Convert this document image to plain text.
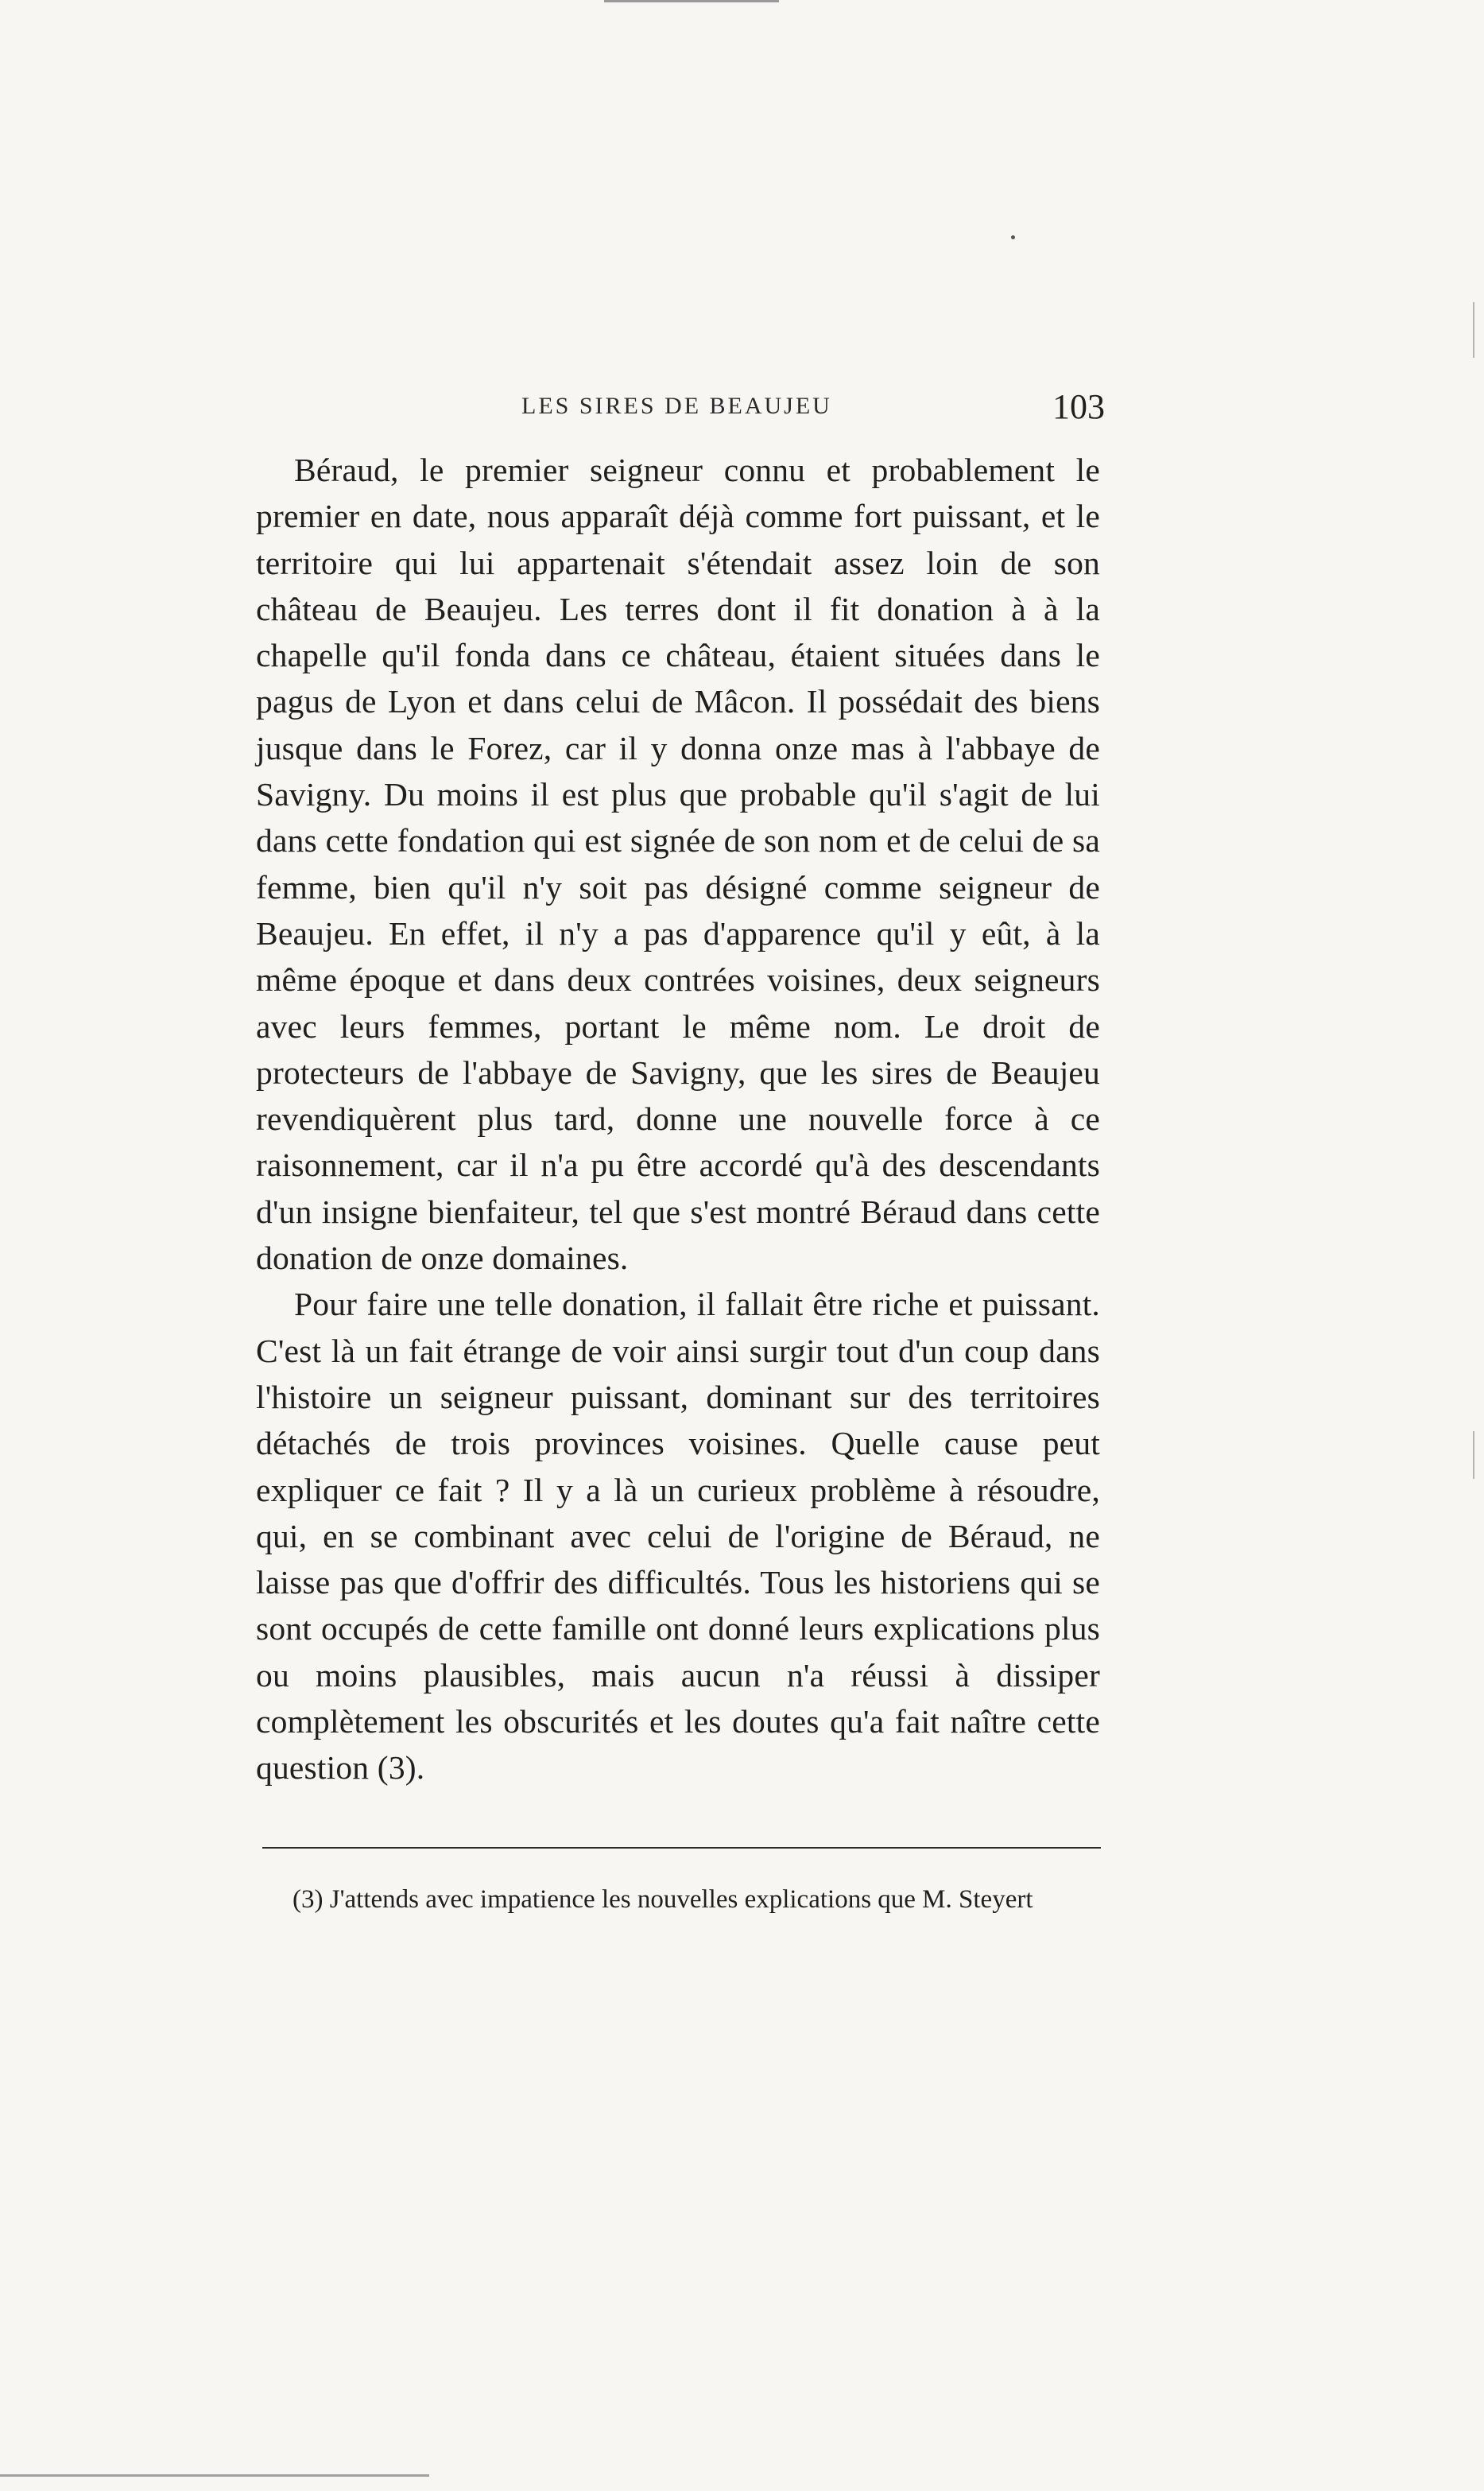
LES SIRES DE BEAUJEU	103

Béraud, le premier seigneur connu et probablement le premier en date, nous apparaît déjà comme fort puissant, et le territoire qui lui appartenait s'étendait assez loin de son château de Beaujeu. Les terres dont il fit donation à à la chapelle qu'il fonda dans ce château, étaient situées dans le pagus de Lyon et dans celui de Mâcon. Il possédait des biens jusque dans le Forez, car il y donna onze mas à l'abbaye de Savigny. Du moins il est plus que probable qu'il s'agit de lui dans cette fondation qui est signée de son nom et de celui de sa femme, bien qu'il n'y soit pas désigné comme seigneur de Beaujeu. En effet, il n'y a pas d'apparence qu'il y eût, à la même époque et dans deux contrées voisines, deux seigneurs avec leurs femmes, portant le même nom. Le droit de protecteurs de l'abbaye de Savigny, que les sires de Beaujeu revendiquèrent plus tard, donne une nouvelle force à ce raisonnement, car il n'a pu être accordé qu'à des descendants d'un insigne bienfaiteur, tel que s'est montré Béraud dans cette donation de onze domaines.

Pour faire une telle donation, il fallait être riche et puissant. C'est là un fait étrange de voir ainsi surgir tout d'un coup dans l'histoire un seigneur puissant, dominant sur des territoires détachés de trois provinces voisines. Quelle cause peut expliquer ce fait ? Il y a là un curieux problème à résoudre, qui, en se combinant avec celui de l'origine de Béraud, ne laisse pas que d'offrir des difficultés. Tous les historiens qui se sont occupés de cette famille ont donné leurs explications plus ou moins plausibles, mais aucun n'a réussi à dissiper complètement les obscurités et les doutes qu'a fait naître cette question (3).

(3) J'attends avec impatience les nouvelles explications que M. Steyert
